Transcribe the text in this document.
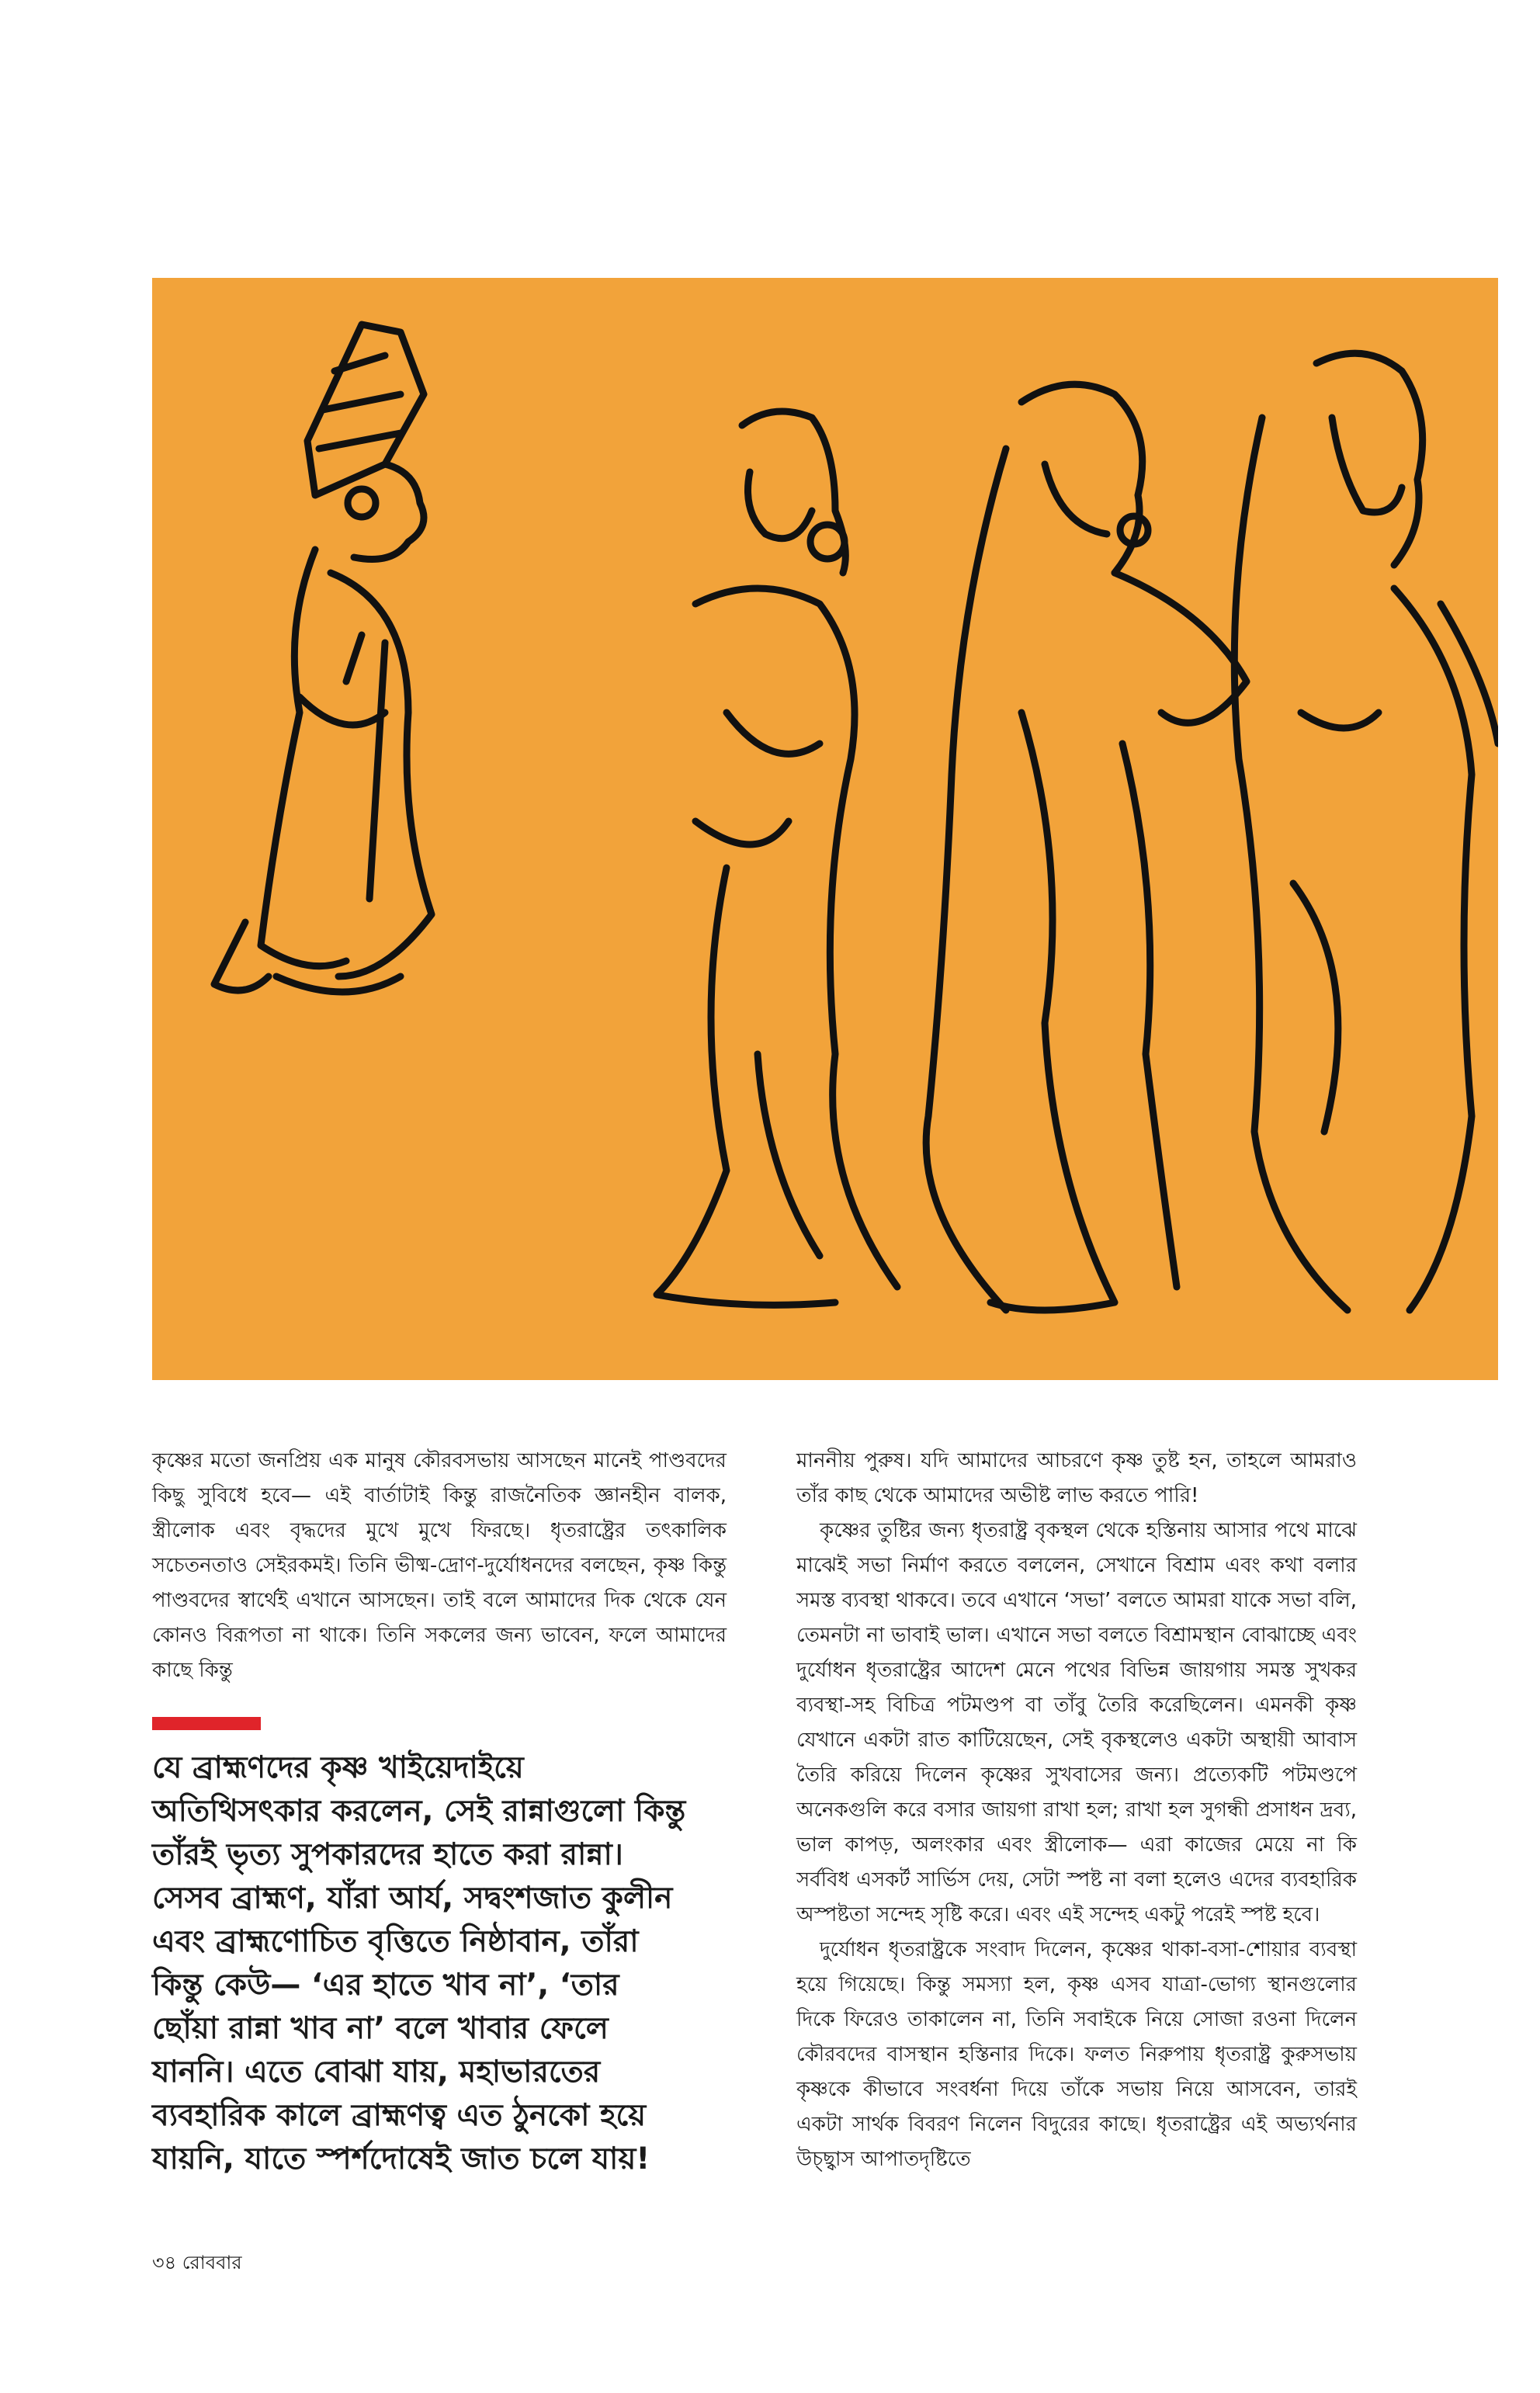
কৃষ্ণের মতো জনপ্রিয় এক মানুষ কৌরবসভায় আসছেন মানেই পাণ্ডবদের কিছু সুবিধে হবে— এই বার্তাটাই কিন্তু রাজনৈতিক জ্ঞানহীন বালক, স্ত্রীলোক এবং বৃদ্ধদের মুখে মুখে ফিরছে। ধৃতরাষ্ট্রের তৎকালিক সচেতনতাও সেইরকমই। তিনি ভীষ্ম-দ্রোণ-দুর্যোধনদের বলছেন, কৃষ্ণ কিন্তু পাণ্ডবদের স্বার্থেই এখানে আসছেন। তাই বলে আমাদের দিক থেকে যেন কোনও বিরূপতা না থাকে। তিনি সকলের জন্য ভাবেন, ফলে আমাদের কাছে কিন্তু

যে ব্রাহ্মণদের কৃষ্ণ খাইয়েদাইয়ে অতিথিসৎকার করলেন, সেই রান্নাগুলো কিন্তু তাঁরই ভৃত্য সুপকারদের হাতে করা রান্না। সেসব ব্রাহ্মণ, যাঁরা আর্য, সদ্বংশজাত কুলীন এবং ব্রাহ্মণোচিত বৃত্তিতে নিষ্ঠাবান, তাঁরা কিন্তু কেউ— ‘এর হাতে খাব না’, ‘তার ছোঁয়া রান্না খাব না’ বলে খাবার ফেলে যাননি। এতে বোঝা যায়, মহাভারতের ব্যবহারিক কালে ব্রাহ্মণত্ব এত ঠুনকো হয়ে যায়নি, যাতে স্পর্শদোষেই জাত চলে যায়!

মাননীয় পুরুষ। যদি আমাদের আচরণে কৃষ্ণ তুষ্ট হন, তাহলে আমরাও তাঁর কাছ থেকে আমাদের অভীষ্ট লাভ করতে পারি!

কৃষ্ণের তুষ্টির জন্য ধৃতরাষ্ট্র বৃকস্থল থেকে হস্তিনায় আসার পথে মাঝে মাঝেই সভা নির্মাণ করতে বললেন, সেখানে বিশ্রাম এবং কথা বলার সমস্ত ব্যবস্থা থাকবে। তবে এখানে ‘সভা’ বলতে আমরা যাকে সভা বলি, তেমনটা না ভাবাই ভাল। এখানে সভা বলতে বিশ্রামস্থান বোঝাচ্ছে এবং দুর্যোধন ধৃতরাষ্ট্রের আদেশ মেনে পথের বিভিন্ন জায়গায় সমস্ত সুখকর ব্যবস্থা-সহ বিচিত্র পটমণ্ডপ বা তাঁবু তৈরি করেছিলেন। এমনকী কৃষ্ণ যেখানে একটা রাত কাটিয়েছেন, সেই বৃকস্থলেও একটা অস্থায়ী আবাস তৈরি করিয়ে দিলেন কৃষ্ণের সুখবাসের জন্য। প্রত্যেকটি পটমণ্ডপে অনেকগুলি করে বসার জায়গা রাখা হল; রাখা হল সুগন্ধী প্রসাধন দ্রব্য, ভাল কাপড়, অলংকার এবং স্ত্রীলোক— এরা কাজের মেয়ে না কি সর্ববিধ এসকর্ট সার্ভিস দেয়, সেটা স্পষ্ট না বলা হলেও এদের ব্যবহারিক অস্পষ্টতা সন্দেহ সৃষ্টি করে। এবং এই সন্দেহ একটু পরেই স্পষ্ট হবে।

দুর্যোধন ধৃতরাষ্ট্রকে সংবাদ দিলেন, কৃষ্ণের থাকা-বসা-শোয়ার ব্যবস্থা হয়ে গিয়েছে। কিন্তু সমস্যা হল, কৃষ্ণ এসব যাত্রা-ভোগ্য স্থানগুলোর দিকে ফিরেও তাকালেন না, তিনি সবাইকে নিয়ে সোজা রওনা দিলেন কৌরবদের বাসস্থান হস্তিনার দিকে। ফলত নিরুপায় ধৃতরাষ্ট্র কুরুসভায় কৃষ্ণকে কীভাবে সংবর্ধনা দিয়ে তাঁকে সভায় নিয়ে আসবেন, তারই একটা সার্থক বিবরণ নিলেন বিদুরের কাছে। ধৃতরাষ্ট্রের এই অভ্যর্থনার উচ্ছ্বাস আপাতদৃষ্টিতে

৩৪ রোববার
